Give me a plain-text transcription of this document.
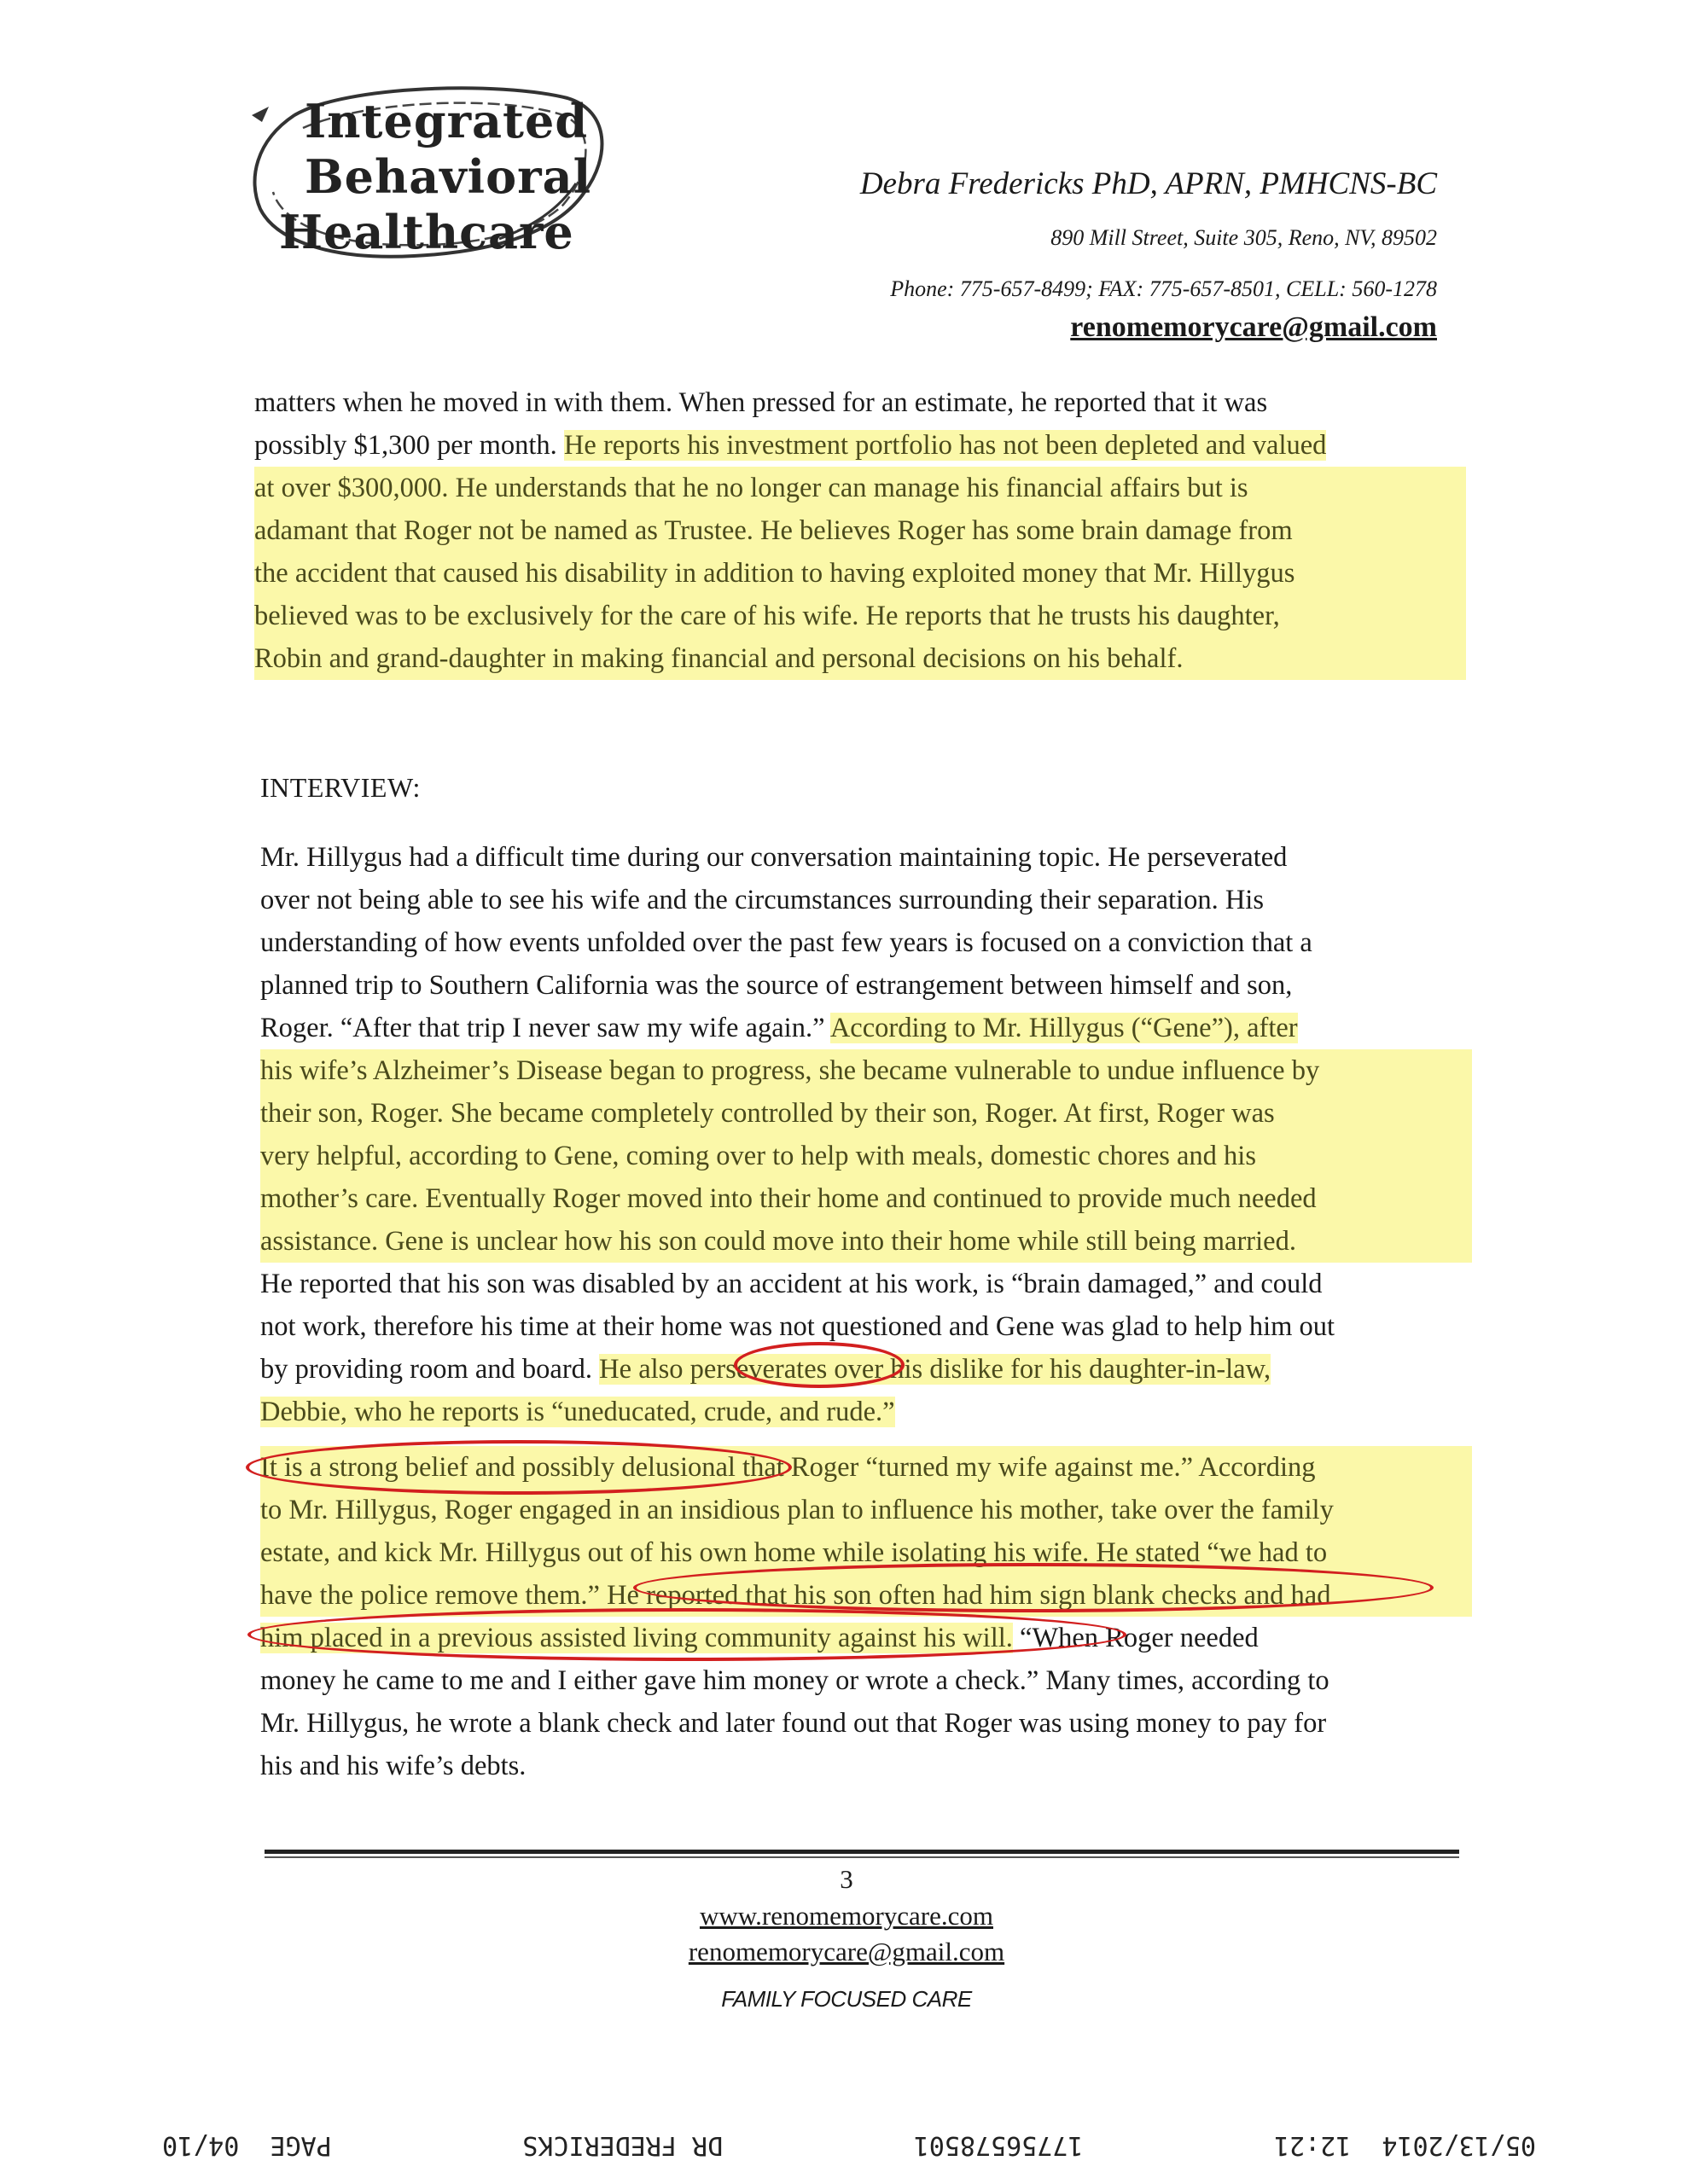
Integrated
Behavioral
Healthcare
Debra Fredericks PhD, APRN, PMHCNS-BC
890 Mill Street, Suite 305, Reno, NV, 89502
Phone: 775-657-8499; FAX: 775-657-8501, CELL: 560-1278
renomemorycare@gmail.com
matters when he moved in with them. When pressed for an estimate, he reported that it was
possibly $1,300 per month. He reports his investment portfolio has not been depleted and valued
at over $300,000. He understands that he no longer can manage his financial affairs but is
adamant that Roger not be named as Trustee. He believes Roger has some brain damage from
the accident that caused his disability in addition to having exploited money that Mr. Hillygus
believed was to be exclusively for the care of his wife. He reports that he trusts his daughter,
Robin and grand-daughter in making financial and personal decisions on his behalf.
INTERVIEW:
Mr. Hillygus had a difficult time during our conversation maintaining topic. He perseverated
over not being able to see his wife and the circumstances surrounding their separation. His
understanding of how events unfolded over the past few years is focused on a conviction that a
planned trip to Southern California was the source of estrangement between himself and son,
Roger. “After that trip I never saw my wife again.” According to Mr. Hillygus (“Gene”), after
his wife’s Alzheimer’s Disease began to progress, she became vulnerable to undue influence by
their son, Roger. She became completely controlled by their son, Roger. At first, Roger was
very helpful, according to Gene, coming over to help with meals, domestic chores and his
mother’s care. Eventually Roger moved into their home and continued to provide much needed
assistance. Gene is unclear how his son could move into their home while still being married.
He reported that his son was disabled by an accident at his work, is “brain damaged,” and could
not work, therefore his time at their home was not questioned and Gene was glad to help him out
by providing room and board. He also perseverates over his dislike for his daughter-in-law,
Debbie, who he reports is “uneducated, crude, and rude.”
It is a strong belief and possibly delusional that Roger “turned my wife against me.” According
to Mr. Hillygus, Roger engaged in an insidious plan to influence his mother, take over the family
estate, and kick Mr. Hillygus out of his own home while isolating his wife. He stated “we had to
have the police remove them.” He reported that his son often had him sign blank checks and had
him placed in a previous assisted living community against his will. “When Roger needed
money he came to me and I either gave him money or wrote a check.” Many times, according to
Mr. Hillygus, he wrote a blank check and later found out that Roger was using money to pay for
his and his wife’s debts.
3
www.renomemorycare.com
renomemorycare@gmail.com
FAMILY FOCUSED CARE
05/13/2014  12:21
17756578501
DR FREDERICKS
PAGE  04/10
